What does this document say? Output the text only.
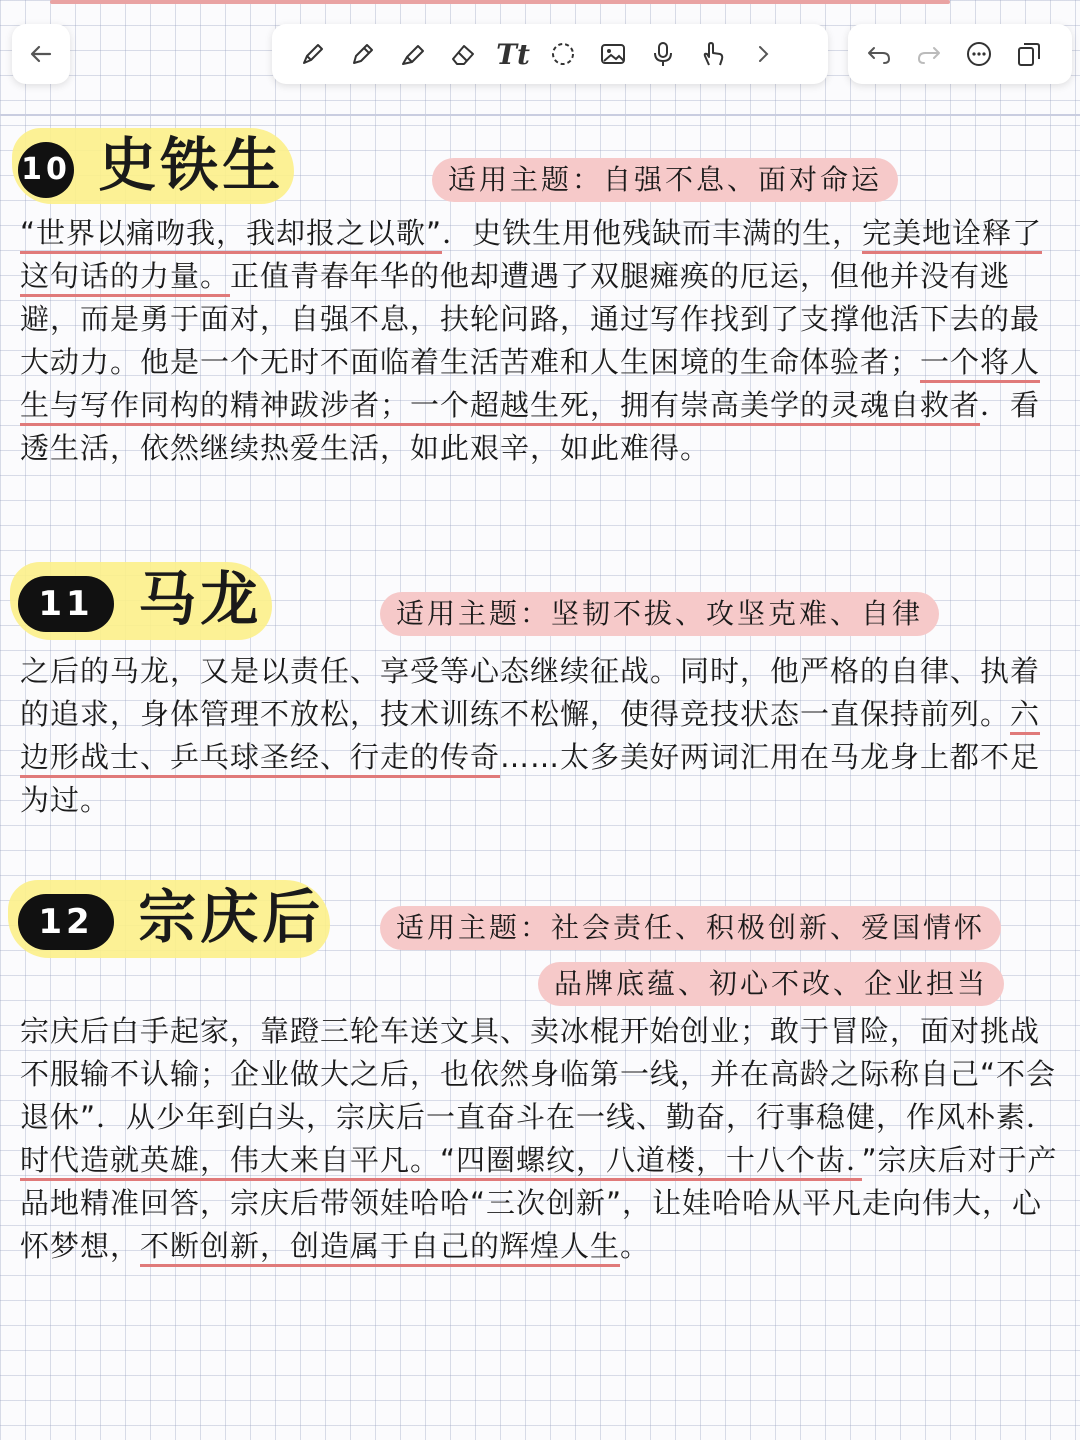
Tt
10 史铁生	适用主题：自强不息、面对命运
“世界以痛吻我，我却报之以歌”．史铁生用他残缺而丰满的生，完美地诠释了这句话的力量。正值青春年华的他却遭遇了双腿瘫痪的厄运，但他并没有逃避，而是勇于面对，自强不息，扶轮问路，通过写作找到了支撑他活下去的最大动力。他是一个无时不面临着生活苦难和人生困境的生命体验者；一个将人生与写作同构的精神跋涉者；一个超越生死，拥有崇高美学的灵魂自救者．看透生活，依然继续热爱生活，如此艰辛，如此难得。
11 马龙	适用主题：坚韧不拔、攻坚克难、自律
之后的马龙，又是以责任、享受等心态继续征战。同时，他严格的自律、执着的追求，身体管理不放松，技术训练不松懈，使得竞技状态一直保持前列。六边形战士、乒乓球圣经、行走的传奇……太多美好两词汇用在马龙身上都不足为过。
12 宗庆后	适用主题：社会责任、积极创新、爱国情怀
品牌底蕴、初心不改、企业担当
宗庆后白手起家，靠蹬三轮车送文具、卖冰棍开始创业；敢于冒险，面对挑战不服输不认输；企业做大之后，也依然身临第一线，并在高龄之际称自己“不会退休”．从少年到白头，宗庆后一直奋斗在一线、勤奋，行事稳健，作风朴素．时代造就英雄，伟大来自平凡。“四圈螺纹，八道楼，十八个齿．”宗庆后对于产品地精准回答，宗庆后带领娃哈哈“三次创新”，让娃哈哈从平凡走向伟大，心怀梦想，不断创新，创造属于自己的辉煌人生。
